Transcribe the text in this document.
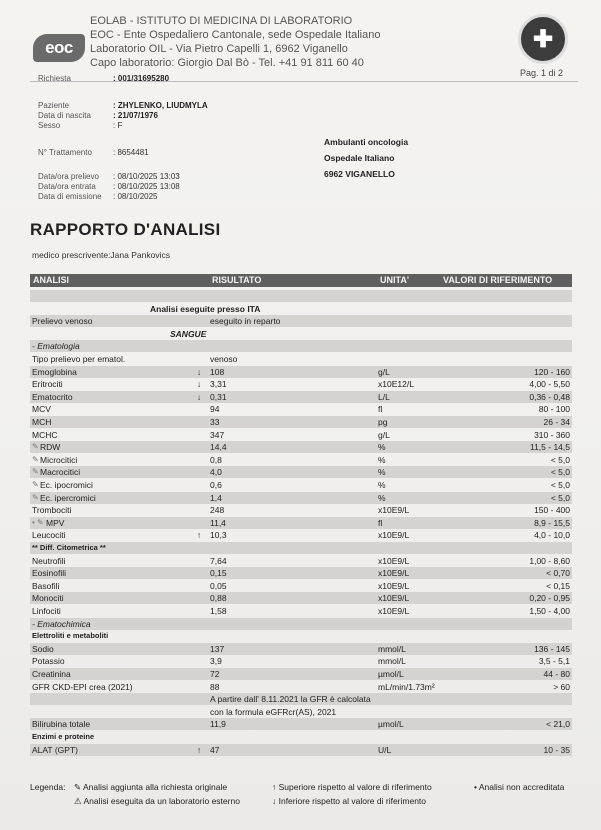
eoc
EOLAB - ISTITUTO DI MEDICINA DI LABORATORIO
EOC - Ente Ospedaliero Cantonale, sede Ospedale Italiano
Laboratorio OIL - Via Pietro Capelli 1, 6962 Viganello
Capo laboratorio: Giorgio Dal Bò - Tel. +41 91 811 60 40
✚
Pag. 1 di 2
Richiesta	: 001/31695280
Paziente	: ZHYLENKO, LIUDMYLA
Data di nascita	: 21/07/1976
Sesso	: F
N° Trattamento	: 8654481
Data/ora prelievo : 08/10/2025 13:03
Data/ora entrata : 08/10/2025 13:08
Data di emissione : 08/10/2025
Ambulanti oncologia
Ospedale Italiano
6962 VIGANELLO
RAPPORTO D'ANALISI
medico prescrivente:Jana Pankovics
ANALISI	RISULTATO	UNITA'	VALORI DI RIFERIMENTO
Analisi eseguite presso ITA
Prelievo venoso	eseguito in reparto
SANGUE
- Ematologia
Tipo prelievo per ematol.	venoso
Emoglobina	↓	108	g/L	120 - 160
Eritrociti	↓	3,31	x10E12/L	4,00 - 5,50
Ematocrito	↓	0,31	L/L	0,36 - 0,48
MCV	94	fl	80 - 100
MCH	33	pg	26 - 34
MCHC	347	g/L	310 - 360
✎ RDW	14,4	%	11,5 - 14,5
✎ Microcitici	0,8	%	< 5,0
✎ Macrocitici	4,0	%	< 5,0
✎ Ec. ipocromici	0,6	%	< 5,0
✎ Ec. ipercromici	1,4	%	< 5,0
Trombociti	248	x10E9/L	150 - 400
• ✎ MPV	11,4	fl	8,9 - 15,5
Leucociti	↑	10,3	x10E9/L	4,0 - 10,0
** Diff. Citometrica **
Neutrofili	7,64	x10E9/L	1,00 - 8,60
Eosinofili	0,15	x10E9/L	< 0,70
Basofili	0,05	x10E9/L	< 0,15
Monociti	0,88	x10E9/L	0,20 - 0,95
Linfociti	1,58	x10E9/L	1,50 - 4,00
- Ematochimica
Elettroliti e metaboliti
Sodio	137	mmol/L	136 - 145
Potassio	3,9	mmol/L	3,5 - 5,1
Creatinina	72	µmol/L	44 - 80
GFR CKD-EPI crea (2021)	88	mL/min/1.73m²	> 60
A partire dall' 8.11.2021 la GFR è calcolata
con la formula eGFRcr(AS), 2021
Bilirubina totale	11,9	µmol/L	< 21,0
Enzimi e proteine
ALAT (GPT)	↑	47	U/L	10 - 35
Legenda: ✎ Analisi aggiunta alla richiesta originale	↑ Superiore rispetto al valore di riferimento	• Analisi non accreditata
⚠ Analisi eseguita da un laboratorio esterno	↓ Inferiore rispetto al valore di riferimento
